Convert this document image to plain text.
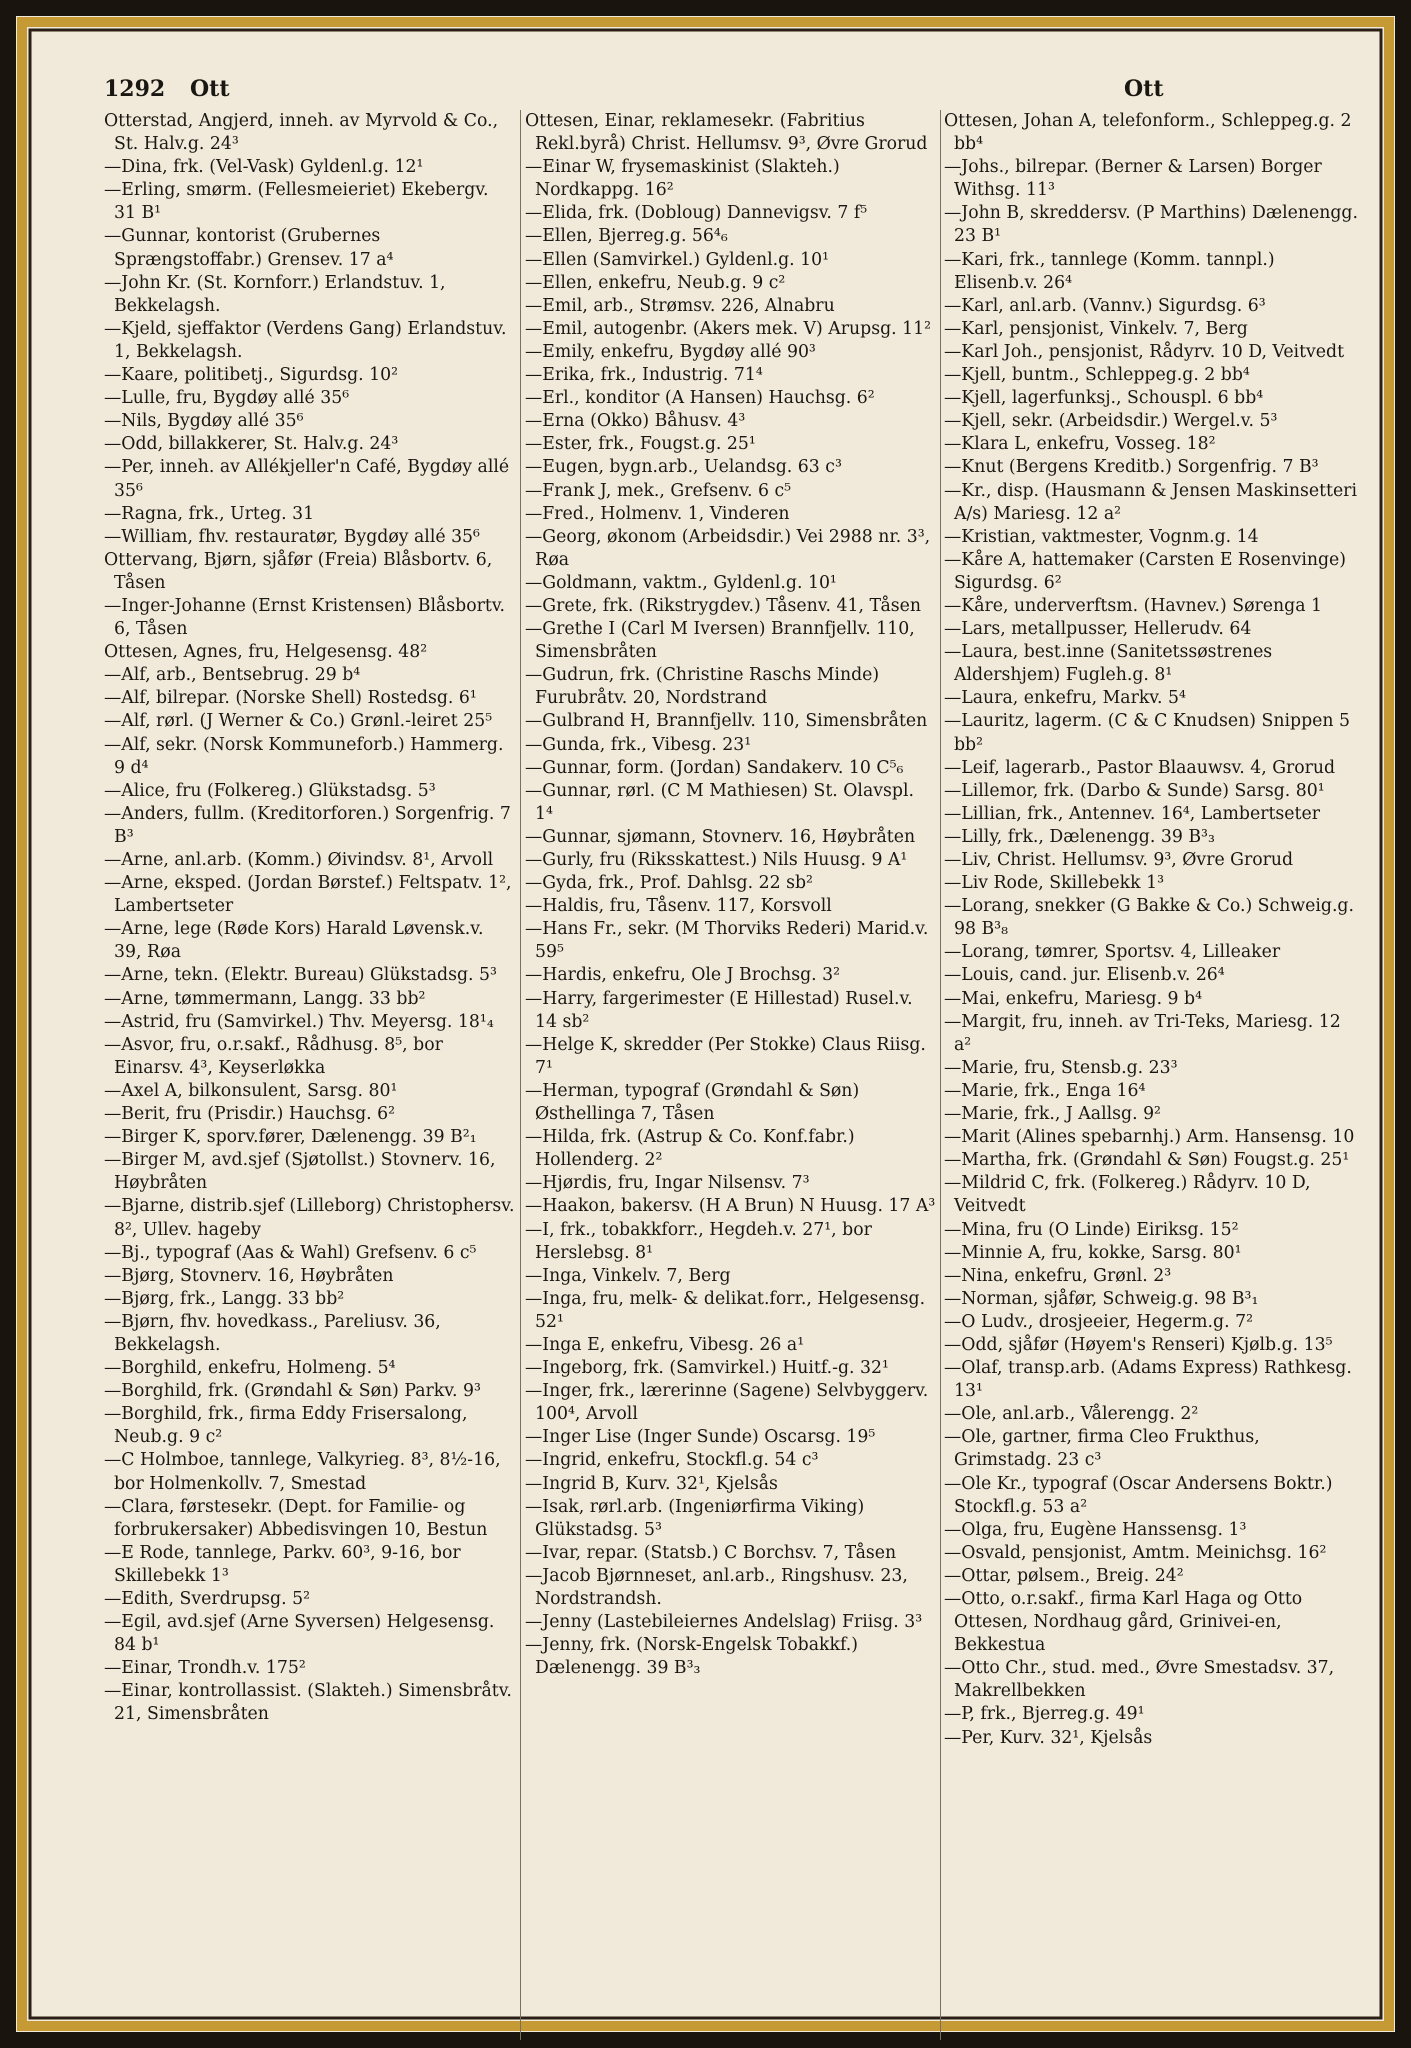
1292 Ott	Ott
Otterstad, Angjerd, inneh. av Myrvold & Co., St. Halv.g. 24³
—Dina, frk. (Vel-Vask) Gyldenl.g. 12¹
—Erling, smørm. (Fellesmeieriet) Ekebergv. 31 B¹
—Gunnar, kontorist (Grubernes Sprængstoffabr.) Grensev. 17 a⁴
—John Kr. (St. Kornforr.) Erlandstuv. 1, Bekkelagsh.
—Kjeld, sjeffaktor (Verdens Gang) Erlandstuv. 1, Bekkelagsh.
—Kaare, politibetj., Sigurdsg. 10²
—Lulle, fru, Bygdøy allé 35⁶
—Nils, Bygdøy allé 35⁶
—Odd, billakkerer, St. Halv.g. 24³
—Per, inneh. av Allékjeller'n Café, Bygdøy allé 35⁶
—Ragna, frk., Urteg. 31
—William, fhv. restauratør, Bygdøy allé 35⁶
Ottervang, Bjørn, sjåfør (Freia) Blåsbortv. 6, Tåsen
—Inger-Johanne (Ernst Kristensen) Blåsbortv. 6, Tåsen
Ottesen, Agnes, fru, Helgesensg. 48²
—Alf, arb., Bentsebrug. 29 b⁴
—Alf, bilrepar. (Norske Shell) Rostedsg. 6¹
—Alf, rørl. (J Werner & Co.) Grønl.-leiret 25⁵
—Alf, sekr. (Norsk Kommuneforb.) Hammerg. 9 d⁴
—Alice, fru (Folkereg.) Glükstadsg. 5³
—Anders, fullm. (Kreditorforen.) Sorgenfrig. 7 B³
—Arne, anl.arb. (Komm.) Øivindsv. 8¹, Arvoll
—Arne, eksped. (Jordan Børstef.) Feltspatv. 1², Lambertseter
—Arne, lege (Røde Kors) Harald Løvensk.v. 39, Røa
—Arne, tekn. (Elektr. Bureau) Glükstadsg. 5³
—Arne, tømmermann, Langg. 33 bb²
—Astrid, fru (Samvirkel.) Thv. Meyersg. 18¹₄
—Asvor, fru, o.r.sakf., Rådhusg. 8⁵, bor Einarsv. 4³, Keyserløkka
—Axel A, bilkonsulent, Sarsg. 80¹
—Berit, fru (Prisdir.) Hauchsg. 6²
—Birger K, sporv.fører, Dælenengg. 39 B²₁
—Birger M, avd.sjef (Sjøtollst.) Stovnerv. 16, Høybråten
—Bjarne, distrib.sjef (Lilleborg) Christophersv. 8², Ullev. hageby
—Bj., typograf (Aas & Wahl) Grefsenv. 6 c⁵
—Bjørg, Stovnerv. 16, Høybråten
—Bjørg, frk., Langg. 33 bb²
—Bjørn, fhv. hovedkass., Pareliusv. 36, Bekkelagsh.
—Borghild, enkefru, Holmeng. 5⁴
—Borghild, frk. (Grøndahl & Søn) Parkv. 9³
—Borghild, frk., firma Eddy Frisersalong, Neub.g. 9 c²
—C Holmboe, tannlege, Valkyrieg. 8³, 8½-16, bor Holmenkollv. 7, Smestad
—Clara, førstesekr. (Dept. for Familie- og forbrukersaker) Abbedisvingen 10, Bestun
—E Rode, tannlege, Parkv. 60³, 9-16, bor Skillebekk 1³
—Edith, Sverdrupsg. 5²
—Egil, avd.sjef (Arne Syversen) Helgesensg. 84 b¹
—Einar, Trondh.v. 175²
—Einar, kontrollassist. (Slakteh.) Simensbråtv. 21, Simensbråten
Ottesen, Einar, reklamesekr. (Fabritius Rekl.byrå) Christ. Hellumsv. 9³, Øvre Grorud
—Einar W, frysemaskinist (Slakteh.) Nordkappg. 16²
—Elida, frk. (Dobloug) Dannevigsv. 7 f⁵
—Ellen, Bjerreg.g. 56⁴₆
—Ellen (Samvirkel.) Gyldenl.g. 10¹
—Ellen, enkefru, Neub.g. 9 c²
—Emil, arb., Strømsv. 226, Alnabru
—Emil, autogenbr. (Akers mek. V) Arupsg. 11²
—Emily, enkefru, Bygdøy allé 90³
—Erika, frk., Industrig. 71⁴
—Erl., konditor (A Hansen) Hauchsg. 6²
—Erna (Okko) Båhusv. 4³
—Ester, frk., Fougst.g. 25¹
—Eugen, bygn.arb., Uelandsg. 63 c³
—Frank J, mek., Grefsenv. 6 c⁵
—Fred., Holmenv. 1, Vinderen
—Georg, økonom (Arbeidsdir.) Vei 2988 nr. 3³, Røa
—Goldmann, vaktm., Gyldenl.g. 10¹
—Grete, frk. (Rikstrygdev.) Tåsenv. 41, Tåsen
—Grethe I (Carl M Iversen) Brannfjellv. 110, Simensbråten
—Gudrun, frk. (Christine Raschs Minde) Furubråtv. 20, Nordstrand
—Gulbrand H, Brannfjellv. 110, Simensbråten
—Gunda, frk., Vibesg. 23¹
—Gunnar, form. (Jordan) Sandakerv. 10 C⁵₆
—Gunnar, rørl. (C M Mathiesen) St. Olavspl. 1⁴
—Gunnar, sjømann, Stovnerv. 16, Høybråten
—Gurly, fru (Riksskattest.) Nils Huusg. 9 A¹
—Gyda, frk., Prof. Dahlsg. 22 sb²
—Haldis, fru, Tåsenv. 117, Korsvoll
—Hans Fr., sekr. (M Thorviks Rederi) Marid.v. 59⁵
—Hardis, enkefru, Ole J Brochsg. 3²
—Harry, fargerimester (E Hillestad) Rusel.v. 14 sb²
—Helge K, skredder (Per Stokke) Claus Riisg. 7¹
—Herman, typograf (Grøndahl & Søn) Østhellinga 7, Tåsen
—Hilda, frk. (Astrup & Co. Konf.fabr.) Hollenderg. 2²
—Hjørdis, fru, Ingar Nilsensv. 7³
—Haakon, bakersv. (H A Brun) N Huusg. 17 A³
—I, frk., tobakkforr., Hegdeh.v. 27¹, bor Herslebsg. 8¹
—Inga, Vinkelv. 7, Berg
—Inga, fru, melk- & delikat.forr., Helgesensg. 52¹
—Inga E, enkefru, Vibesg. 26 a¹
—Ingeborg, frk. (Samvirkel.) Huitf.-g. 32¹
—Inger, frk., lærerinne (Sagene) Selvbyggerv. 100⁴, Arvoll
—Inger Lise (Inger Sunde) Oscarsg. 19⁵
—Ingrid, enkefru, Stockfl.g. 54 c³
—Ingrid B, Kurv. 32¹, Kjelsås
—Isak, rørl.arb. (Ingeniørfirma Viking) Glükstadsg. 5³
—Ivar, repar. (Statsb.) C Borchsv. 7, Tåsen
—Jacob Bjørnneset, anl.arb., Ringshusv. 23, Nordstrandsh.
—Jenny (Lastebileiernes Andelslag) Friisg. 3³
—Jenny, frk. (Norsk-Engelsk Tobakkf.) Dælenengg. 39 B³₃
Ottesen, Johan A, telefonform., Schleppeg.g. 2 bb⁴
—Johs., bilrepar. (Berner & Larsen) Borger Withsg. 11³
—John B, skreddersv. (P Marthins) Dælenengg. 23 B¹
—Kari, frk., tannlege (Komm. tannpl.) Elisenb.v. 26⁴
—Karl, anl.arb. (Vannv.) Sigurdsg. 6³
—Karl, pensjonist, Vinkelv. 7, Berg
—Karl Joh., pensjonist, Rådyrv. 10 D, Veitvedt
—Kjell, buntm., Schleppeg.g. 2 bb⁴
—Kjell, lagerfunksj., Schouspl. 6 bb⁴
—Kjell, sekr. (Arbeidsdir.) Wergel.v. 5³
—Klara L, enkefru, Vosseg. 18²
—Knut (Bergens Kreditb.) Sorgenfrig. 7 B³
—Kr., disp. (Hausmann & Jensen Maskinsetteri A/s) Mariesg. 12 a²
—Kristian, vaktmester, Vognm.g. 14
—Kåre A, hattemaker (Carsten E Rosenvinge) Sigurdsg. 6²
—Kåre, underverftsm. (Havnev.) Sørenga 1
—Lars, metallpusser, Hellerudv. 64
—Laura, best.inne (Sanitetssøstrenes Aldershjem) Fugleh.g. 8¹
—Laura, enkefru, Markv. 5⁴
—Lauritz, lagerm. (C & C Knudsen) Snippen 5 bb²
—Leif, lagerarb., Pastor Blaauwsv. 4, Grorud
—Lillemor, frk. (Darbo & Sunde) Sarsg. 80¹
—Lillian, frk., Antennev. 16⁴, Lambertseter
—Lilly, frk., Dælenengg. 39 B³₃
—Liv, Christ. Hellumsv. 9³, Øvre Grorud
—Liv Rode, Skillebekk 1³
—Lorang, snekker (G Bakke & Co.) Schweig.g. 98 B³₈
—Lorang, tømrer, Sportsv. 4, Lilleaker
—Louis, cand. jur. Elisenb.v. 26⁴
—Mai, enkefru, Mariesg. 9 b⁴
—Margit, fru, inneh. av Tri-Teks, Mariesg. 12 a²
—Marie, fru, Stensb.g. 23³
—Marie, frk., Enga 16⁴
—Marie, frk., J Aallsg. 9²
—Marit (Alines spebarnhj.) Arm. Hansensg. 10
—Martha, frk. (Grøndahl & Søn) Fougst.g. 25¹
—Mildrid C, frk. (Folkereg.) Rådyrv. 10 D, Veitvedt
—Mina, fru (O Linde) Eiriksg. 15²
—Minnie A, fru, kokke, Sarsg. 80¹
—Nina, enkefru, Grønl. 2³
—Norman, sjåfør, Schweig.g. 98 B³₁
—O Ludv., drosjeeier, Hegerm.g. 7²
—Odd, sjåfør (Høyem's Renseri) Kjølb.g. 13⁵
—Olaf, transp.arb. (Adams Express) Rathkesg. 13¹
—Ole, anl.arb., Vålerengg. 2²
—Ole, gartner, firma Cleo Frukthus, Grimstadg. 23 c³
—Ole Kr., typograf (Oscar Andersens Boktr.) Stockfl.g. 53 a²
—Olga, fru, Eugène Hanssensg. 1³
—Osvald, pensjonist, Amtm. Meinichsg. 16²
—Ottar, pølsem., Breig. 24²
—Otto, o.r.sakf., firma Karl Haga og Otto Ottesen, Nordhaug gård, Grinivei-en, Bekkestua
—Otto Chr., stud. med., Øvre Smestadsv. 37, Makrellbekken
—P, frk., Bjerreg.g. 49¹
—Per, Kurv. 32¹, Kjelsås
